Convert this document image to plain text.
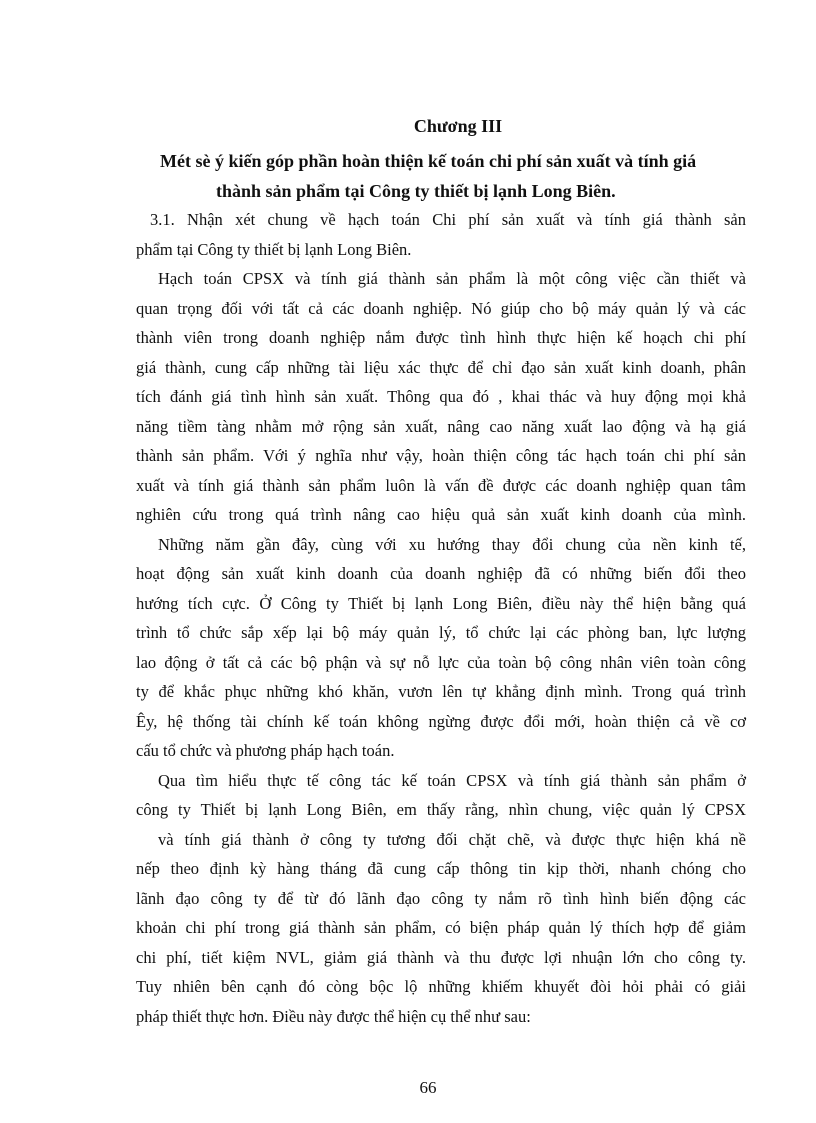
Chương III
Mét sè ý kiến góp phần hoàn thiện kế toán chi phí sản xuất và tính giá
thành sản phẩm tại Công ty thiết bị lạnh Long Biên.
3.1. Nhận xét chung về hạch toán Chi phí sản xuất và tính giá thành sản
phẩm tại Công ty thiết bị lạnh Long Biên.
Hạch toán CPSX và tính giá thành sản phẩm là một công việc cần thiết và
quan trọng đối với tất cả các doanh nghiệp. Nó giúp cho bộ máy quản lý và các
thành viên trong doanh nghiệp nắm được tình hình thực hiện kế hoạch chi phí
giá thành, cung cấp những tài liệu xác thực để chỉ đạo sản xuất kinh doanh, phân
tích đánh giá tình hình sản xuất. Thông qua đó , khai thác và huy động mọi khả
năng tiềm tàng nhằm mở rộng sản xuất, nâng cao năng xuất lao động và hạ giá
thành sản phẩm. Với ý nghĩa như vậy, hoàn thiện công tác hạch toán chi phí sản
xuất và tính giá thành sản phẩm luôn là vấn đề được các doanh nghiệp quan tâm
nghiên cứu trong quá trình nâng cao hiệu quả sản xuất kinh doanh của mình.
Những năm gần đây, cùng với xu hướng thay đổi chung của nền kinh tế,
hoạt động sản xuất kinh doanh của doanh nghiệp đã có những biến đổi theo
hướng tích cực. Ở Công ty Thiết bị lạnh Long Biên, điều này thể hiện bằng quá
trình tổ chức sắp xếp lại bộ máy quản lý, tổ chức lại các phòng ban, lực lượng
lao động ở tất cả các bộ phận và sự nỗ lực của toàn bộ công nhân viên toàn công
ty để khắc phục những khó khăn, vươn lên tự khẳng định mình. Trong quá trình
Êy, hệ thống tài chính kế toán không ngừng được đổi mới, hoàn thiện cả về cơ
cấu tổ chức và phương pháp hạch toán.
Qua tìm hiểu thực tế công tác kế toán CPSX và tính giá thành sản phẩm ở
công ty Thiết bị lạnh Long Biên, em thấy rằng, nhìn chung, việc quản lý CPSX
và tính giá thành ở công ty tương đối chặt chẽ, và được thực hiện khá nề
nếp theo định kỳ hàng tháng đã cung cấp thông tin kịp thời, nhanh chóng cho
lãnh đạo công ty để từ đó lãnh đạo công ty nắm rõ tình hình biến động các
khoản chi phí trong giá thành sản phẩm, có biện pháp quản lý thích hợp để giảm
chi phí, tiết kiệm NVL, giảm giá thành và thu được lợi nhuận lớn cho công ty.
Tuy nhiên bên cạnh đó còng bộc lộ những khiếm khuyết đòi hỏi phải có giải
pháp thiết thực hơn. Điều này được thể hiện cụ thể như sau:
66
